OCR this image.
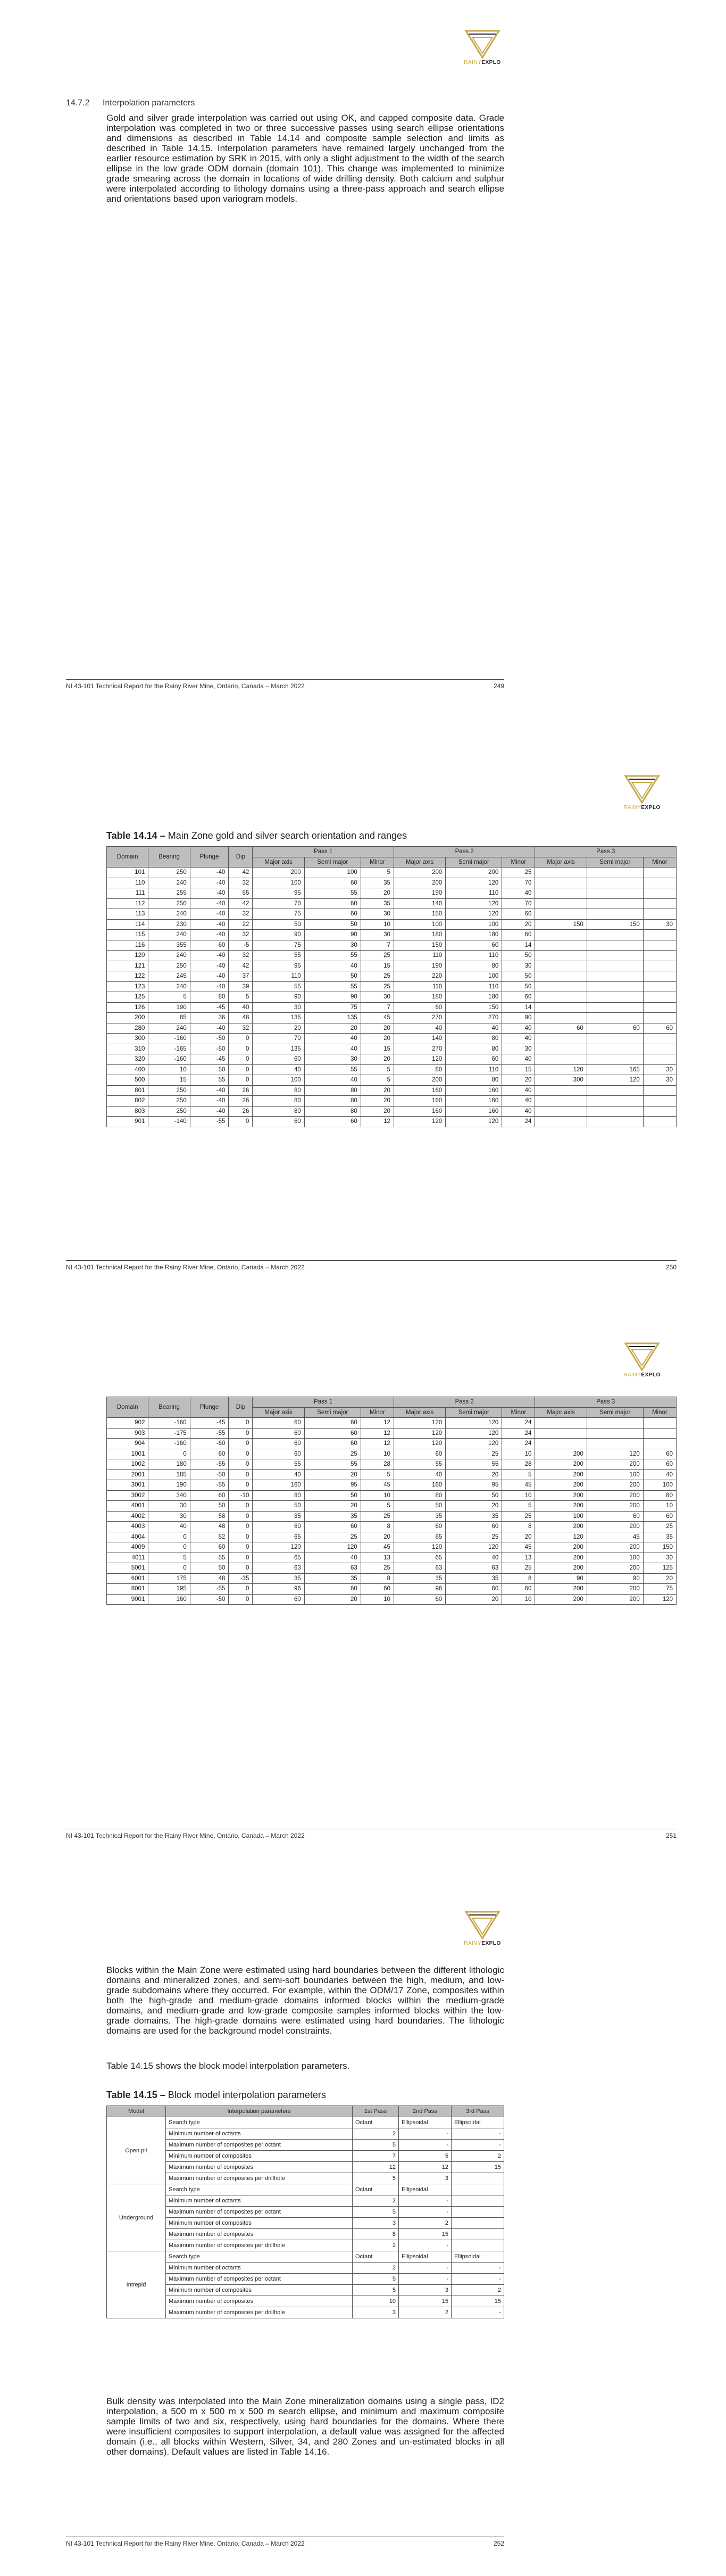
RAINYEXPLO
14.7.2 Interpolation parameters
Gold and silver grade interpolation was carried out using OK, and capped composite data. Grade interpolation was completed in two or three successive passes using search ellipse orientations and dimensions as described in Table 14.14 and composite sample selection and limits as described in Table 14.15. Interpolation parameters have remained largely unchanged from the earlier resource estimation by SRK in 2015, with only a slight adjustment to the width of the search ellipse in the low grade ODM domain (domain 101). This change was implemented to minimize grade smearing across the domain in locations of wide drilling density. Both calcium and sulphur were interpolated according to lithology domains using a three-pass approach and search ellipse and orientations based upon variogram models.
NI 43-101 Technical Report for the Rainy River Mine, Ontario, Canada – March 2022	249
RAINYEXPLO
Table 14.14 – Main Zone gold and silver search orientation and ranges
Domain	Bearing	Plunge	Dip	Pass 1			Pass 2			Pass 3		
				Major axis	Semi major	Minor	Major axis	Semi major	Minor	Major axis	Semi major	Minor
101	250	-40	42	200	100	5	200	200	25			
110	240	-40	32	100	60	35	200	120	70			
111	255	-40	55	95	55	20	190	110	40			
112	250	-40	42	70	60	35	140	120	70			
113	240	-40	32	75	60	30	150	120	60			
114	230	-40	22	50	50	10	100	100	20	150	150	30
115	240	-40	32	90	90	30	180	180	60			
116	355	60	-5	75	30	7	150	60	14			
120	240	-40	32	55	55	25	110	110	50			
121	250	-40	42	95	40	15	190	80	30			
122	245	-40	37	110	50	25	220	100	50			
123	240	-40	39	55	55	25	110	110	50			
125	5	80	5	90	90	30	180	180	60			
126	190	-45	40	30	75	7	60	150	14			
200	85	36	48	135	135	45	270	270	90			
280	240	-40	32	20	20	20	40	40	40	60	60	60
300	-160	-50	0	70	40	20	140	80	40			
310	-165	-50	0	135	40	15	270	80	30			
320	-160	-45	0	60	30	20	120	60	40			
400	10	50	0	40	55	5	80	110	15	120	165	30
500	15	55	0	100	40	5	200	80	20	300	120	30
801	250	-40	26	80	80	20	160	160	40			
802	250	-40	26	80	80	20	160	160	40			
803	250	-40	26	80	80	20	160	160	40			
901	-140	-55	0	60	60	12	120	120	24			
NI 43-101 Technical Report for the Rainy River Mine, Ontario, Canada – March 2022	250
RAINYEXPLO
Domain	Bearing	Plunge	Dip	Pass 1			Pass 2			Pass 3		
				Major axis	Semi major	Minor	Major axis	Semi major	Minor	Major axis	Semi major	Minor
902	-160	-45	0	60	60	12	120	120	24			
903	-175	-55	0	60	60	12	120	120	24			
904	-160	-60	0	60	60	12	120	120	24			
1001	0	60	0	60	25	10	60	25	10	200	120	60
1002	180	-55	0	55	55	28	55	55	28	200	200	60
2001	185	-50	0	40	20	5	40	20	5	200	100	40
3001	190	-55	0	160	95	45	160	95	45	200	200	100
3002	340	60	-10	80	50	10	80	50	10	200	200	80
4001	30	50	0	50	20	5	50	20	5	200	200	10
4002	30	58	0	35	35	25	35	35	25	100	60	60
4003	40	48	0	60	60	8	60	60	8	200	200	25
4004	0	52	0	65	25	20	65	25	20	120	45	35
4009	0	60	0	120	120	45	120	120	45	200	200	150
4011	5	55	0	65	40	13	65	40	13	200	100	30
5001	0	50	0	63	63	25	63	63	25	200	200	125
6001	175	48	-35	35	35	8	35	35	8	90	90	20
8001	195	-55	0	96	60	60	96	60	60	200	200	75
9001	160	-50	0	60	20	10	60	20	10	200	200	120
NI 43-101 Technical Report for the Rainy River Mine, Ontario, Canada – March 2022	251
RAINYEXPLO
Blocks within the Main Zone were estimated using hard boundaries between the different lithologic domains and mineralized zones, and semi-soft boundaries between the high, medium, and low-grade subdomains where they occurred. For example, within the ODM/17 Zone, composites within both the high-grade and medium-grade domains informed blocks within the medium-grade domains, and medium-grade and low-grade composite samples informed blocks within the low-grade domains. The high-grade domains were estimated using hard boundaries. The lithologic domains are used for the background model constraints.
Table 14.15 shows the block model interpolation parameters.
Table 14.15 – Block model interpolation parameters
Model	Interpolation parameters	1st Pass	2nd Pass	3rd Pass
Open pit	Search type	Octant	Ellipsoidal	Ellipsoidal
	Minimum number of octants	2	-	-
	Maximum number of composites per octant	5	-	-
	Minimum number of composites	7	5	2
	Maximum number of composites	12	12	15
	Maximum number of composites per drillhole	5	3	
Underground	Search type	Octant	Ellipsoidal	
	Minimum number of octants	2	-	
	Maximum number of composites per octant	5	-	
	Minimum number of composites	3	2	
	Maximum number of composites	8	15	
	Maximum number of composites per drillhole	2	-	
Intrepid	Search type	Octant	Ellipsoidal	Ellipsoidal
	Minimum number of octants	2	-	-
	Maximum number of composites per octant	5	-	-
	Minimum number of composites	5	3	2
	Maximum number of composites	10	15	15
	Maximum number of composites per drillhole	3	2	-
Bulk density was interpolated into the Main Zone mineralization domains using a single pass, ID2 interpolation, a 500 m x 500 m x 500 m search ellipse, and minimum and maximum composite sample limits of two and six, respectively, using hard boundaries for the domains. Where there were insufficient composites to support interpolation, a default value was assigned for the affected domain (i.e., all blocks within Western, Silver, 34, and 280 Zones and un-estimated blocks in all other domains). Default values are listed in Table 14.16.
NI 43-101 Technical Report for the Rainy River Mine, Ontario, Canada – March 2022	252
